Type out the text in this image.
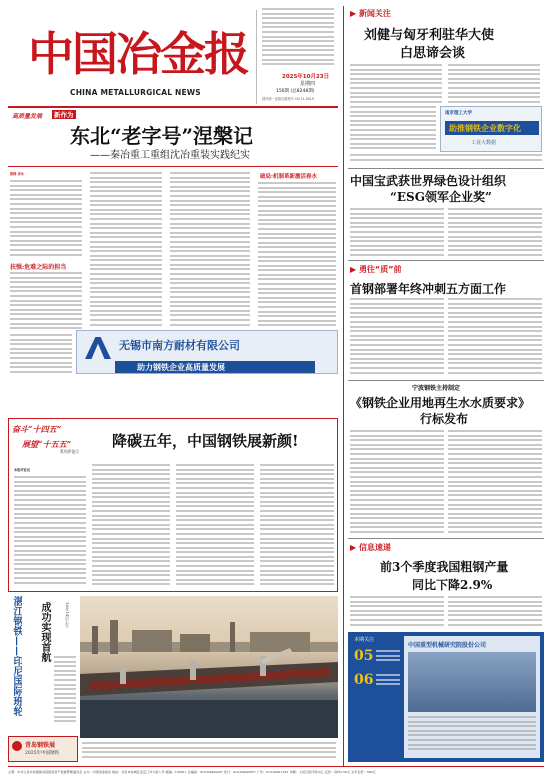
中国冶金报
CHINA METALLURGICAL NEWS
2025年10月23日
星期四
156期 (总8248期)
国内统一连续出版物号 CN 11-0019
高质量发展	新作为
东北“老字号”涅槃记
——秦冶重工重组沈冶重装实践纪实
陈锦 李永
扶强:危难之际的担当
破局:机制革新激活春水
无锡市南方耐材有限公司
助力钢铁企业高质量发展
奋斗“十四五”
展望“十五五”
系列评论②
降碳五年，中国钢铁展新颜!
本报评论员
湛江钢铁——印尼国际班轮 成功实现首航	10月14日上午
青岛钢铁展
2025年中国钢铁
▶ 新闻关注
刘健与匈牙利驻华大使
白思谛会谈
南京理工大学
助推钢铁企业数字化
工业大数据
中国宝武获世界绿色设计组织
“ESG领军企业奖”
▶ 勇往“质”前
首钢部署年终冲刺五方面工作
宁波钢铁主持制定
《钢铁企业用地再生水水质要求》
行标发布
▶ 信息速递
前3个季度我国粗钢产量
同比下降2.9%
本期关注
05
06
中国重型机械研究院股份公司
主管：中华人民共和国国务院国有资产监督管理委员会 主办：中国冶金报社 地址：北京市东城区安定门外大街八号 邮编：100011 总编室：010-64443297 发行：010-64442837 广告：010-64411621 印刷：人民日报印务中心 定价：每份2.50元 全年定价：390元
